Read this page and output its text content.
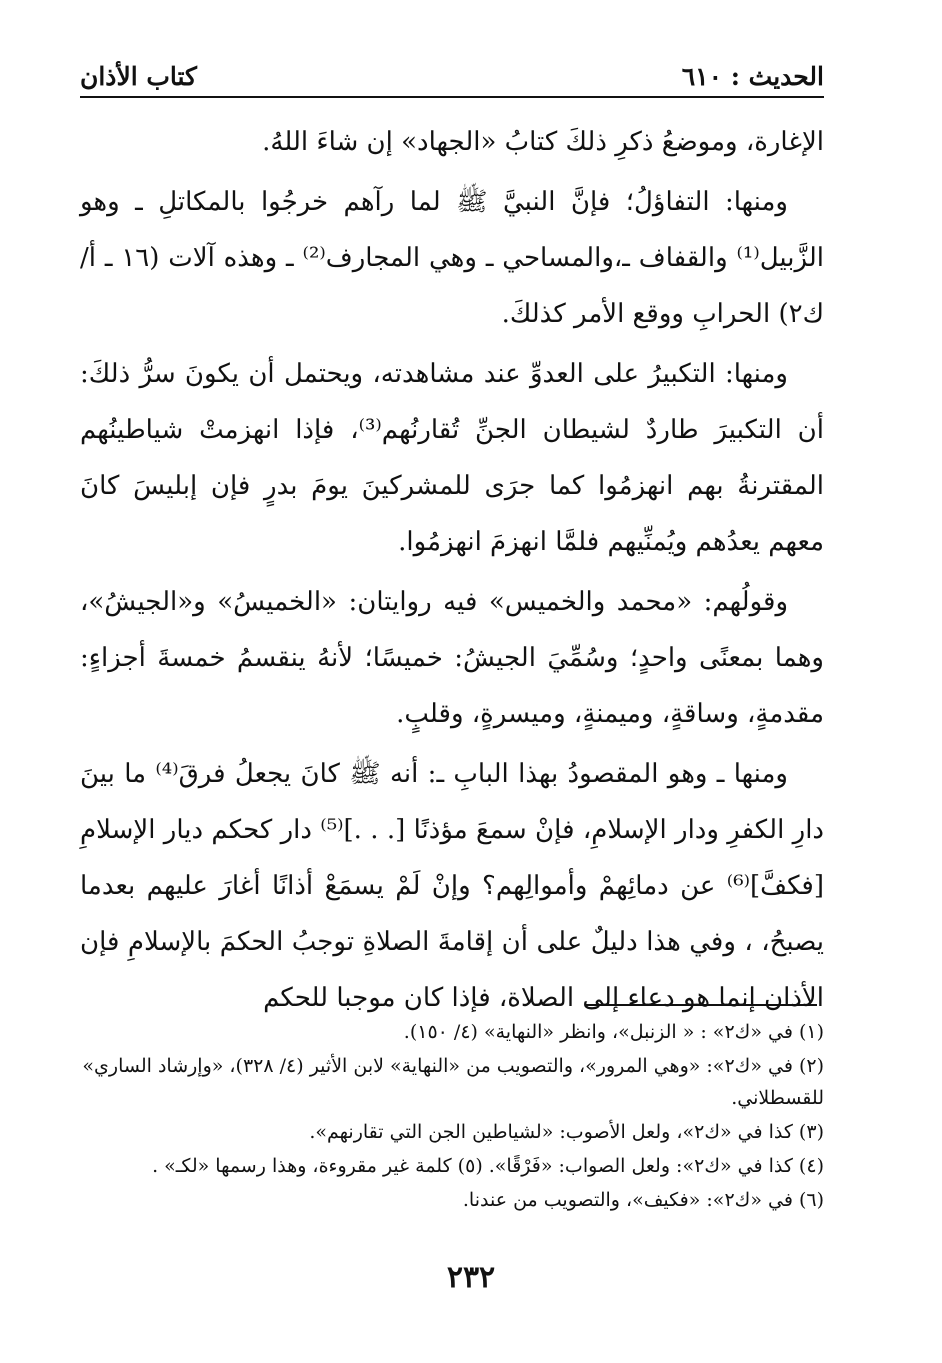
الحديث : ٦١٠
كتاب الأذان

الإغارة، وموضعُ ذكرِ ذلكَ كتابُ «الجهاد» إن شاءَ اللهُ.

ومنها: التفاؤلُ؛ فإنَّ النبيَّ ﷺ لما رآهم خرجُوا بالمكاتلِ ـ وهو الزَّبيل⁽¹⁾ والقفاف ـ،والمساحي ـ وهي المجارف⁽²⁾ ـ وهذه آلات (١٦ ـ أ/ ك٢) الحرابِ ووقع الأمر كذلكَ.

ومنها: التكبيرُ على العدوِّ عند مشاهدته، ويحتمل أن يكونَ سرُّ ذلكَ: أن التكبيرَ طاردٌ لشيطان الجنِّ تُقارنُهم⁽³⁾، فإذا انهزمتْ شياطينُهم المقترنةُ بهم انهزمُوا كما جرَى للمشركينَ يومَ بدرٍ فإن إبليسَ كانَ معهم يعدُهم ويُمنِّيهم فلمَّا انهزمَ انهزمُوا.

وقولُهم: «محمد والخميس» فيه روايتان: «الخميسُ» و«الجيشُ»، وهما بمعنًى واحدٍ؛ وسُمِّيَ الجيشُ: خميسًا؛ لأنهُ ينقسمُ خمسةَ أجزاءٍ: مقدمةٍ، وساقةٍ، وميمنةٍ، وميسرةٍ، وقلبٍ.

ومنها ـ وهو المقصودُ بهذا البابِ ـ: أنه ﷺ كانَ يجعلُ فرقَ⁽⁴⁾ ما بينَ دارِ الكفرِ ودار الإسلامِ، فإنْ سمعَ مؤذنًا [. . .]⁽⁵⁾ دار كحكم ديار الإسلامِ [فكفَّ]⁽⁶⁾ عن دمائِهمْ وأموالِهم؟ وإنْ لَمْ يسمَعْ أذانًا أغارَ عليهم بعدما يصبحُ، ، وفي هذا دليلٌ على أن إقامةَ الصلاةِ توجبُ الحكمَ بالإسلامِ فإن الأذان إنما هو دعاء إلى الصلاة، فإذا كان موجبا للحكم

(١) في «ك٢» : « الزنبل»، وانظر «النهاية» (٤/ ١٥٠).

(٢) في «ك٢»: «وهي المرور»، والتصويب من «النهاية» لابن الأثير (٤/ ٣٢٨)، «وإرشاد الساري» للقسطلاني.

(٣) كذا في «ك٢»، ولعل الأصوب: «لشياطين الجن التي تقارنهم».

(٤) كذا في «ك٢»: ولعل الصواب: «فَرْقًا». (٥) كلمة غير مقروءة، وهذا رسمها «لكـ» .

(٦) في «ك٢»: «فكيف»، والتصويب من عندنا.

٢٣٢
